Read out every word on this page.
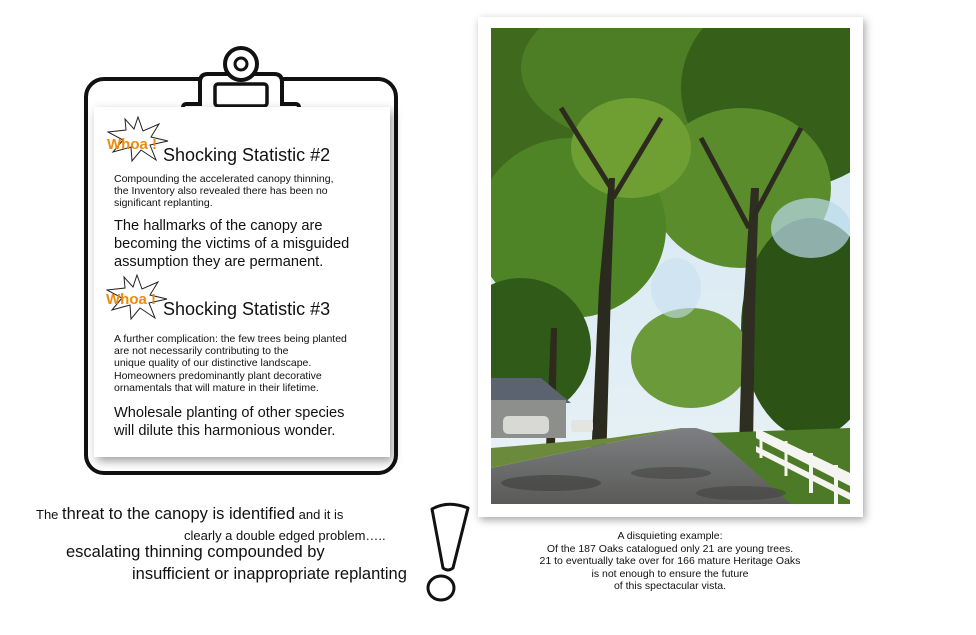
Whoa !
Shocking Statistic #2
Compounding the accelerated canopy thinning,
the Inventory also revealed there has been no
significant replanting.
The hallmarks of the canopy are
becoming the victims of a misguided
assumption they are permanent.
Whoa ! Shocking Statistic #3
A further complication: the few trees being planted
are not necessarily contributing to the
unique quality of our distinctive landscape.
Homeowners predominantly plant decorative
ornamentals that will mature in their lifetime.
Wholesale planting of other species
will dilute this harmonious wonder.
The threat to the canopy is identified and it is
clearly a double edged problem…..
escalating thinning compounded by
insufficient or inappropriate replanting
A disquieting example:
Of the 187 Oaks catalogued only 21 are young trees.
21 to eventually take over for 166 mature Heritage Oaks
is not enough to ensure the future
of this spectacular vista.
